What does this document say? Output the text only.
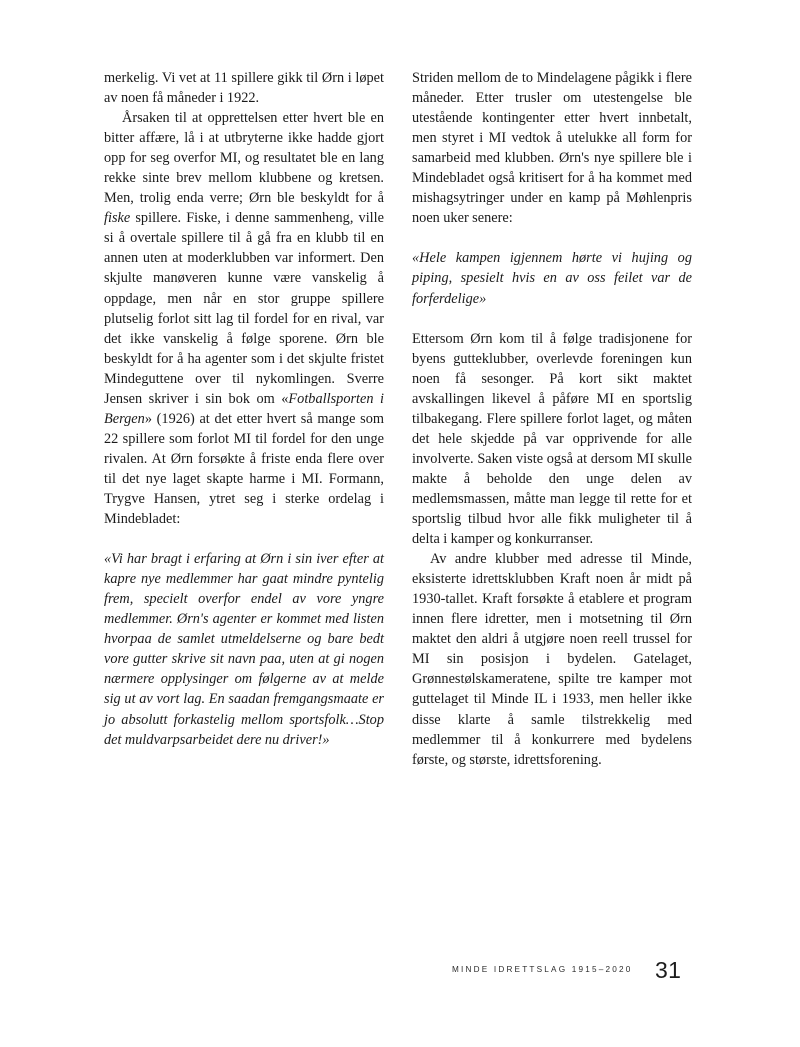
merkelig. Vi vet at 11 spillere gikk til Ørn i løpet av noen få måneder i 1922.

Årsaken til at opprettelsen etter hvert ble en bitter affære, lå i at utbryterne ikke hadde gjort opp for seg overfor MI, og resultatet ble en lang rekke sinte brev mellom klubbene og kretsen. Men, trolig enda verre; Ørn ble beskyldt for å fiske spillere. Fiske, i denne sammenheng, ville si å overtale spillere til å gå fra en klubb til en annen uten at moderklubben var informert. Den skjulte manøveren kunne være vanskelig å oppdage, men når en stor gruppe spillere plutselig forlot sitt lag til fordel for en rival, var det ikke vanskelig å følge sporene. Ørn ble beskyldt for å ha agenter som i det skjulte fristet Mindeguttene over til nykomlingen. Sverre Jensen skriver i sin bok om «Fotballsporten i Bergen» (1926) at det etter hvert så mange som 22 spillere som forlot MI til fordel for den unge rivalen. At Ørn forsøkte å friste enda flere over til det nye laget skapte harme i MI. Formann, Trygve Hansen, ytret seg i sterke ordelag i Mindebladet:

«Vi har bragt i erfaring at Ørn i sin iver efter at kapre nye medlemmer har gaat mindre pyntelig frem, specielt overfor endel av vore yngre medlemmer. Ørn's agenter er kommet med listen hvorpaa de samlet utmeldelserne og bare bedt vore gutter skrive sit navn paa, uten at gi nogen nærmere opplysinger om følgerne av at melde sig ut av vort lag. En saadan fremgangsmaate er jo absolutt forkastelig mellom sportsfolk…Stop det muldvarpsarbeidet dere nu driver!»

Striden mellom de to Mindelagene pågikk i flere måneder. Etter trusler om utestengelse ble utestående kontingenter etter hvert innbetalt, men styret i MI vedtok å utelukke all form for samarbeid med klubben. Ørn's nye spillere ble i Mindebladet også kritisert for å ha kommet med mishagsytringer under en kamp på Møhlenpris noen uker senere:

«Hele kampen igjennem hørte vi hujing og piping, spesielt hvis en av oss feilet var de forferdelige»

Ettersom Ørn kom til å følge tradisjonene for byens gutteklubber, overlevde foreningen kun noen få sesonger. På kort sikt maktet avskallingen likevel å påføre MI en sportslig tilbakegang. Flere spillere forlot laget, og måten det hele skjedde på var opprivende for alle involverte. Saken viste også at dersom MI skulle makte å beholde den unge delen av medlemsmassen, måtte man legge til rette for et sportslig tilbud hvor alle fikk muligheter til å delta i kamper og konkurranser.

Av andre klubber med adresse til Minde, eksisterte idrettsklubben Kraft noen år midt på 1930-tallet. Kraft forsøkte å etablere et program innen flere idretter, men i motsetning til Ørn maktet den aldri å utgjøre noen reell trussel for MI sin posisjon i bydelen. Gatelaget, Grønnestølskameratene, spilte tre kamper mot guttelaget til Minde IL i 1933, men heller ikke disse klarte å samle tilstrekkelig med medlemmer til å konkurrere med bydelens første, og største, idrettsforening.

MINDE IDRETTSLAG 1915–2020 31
